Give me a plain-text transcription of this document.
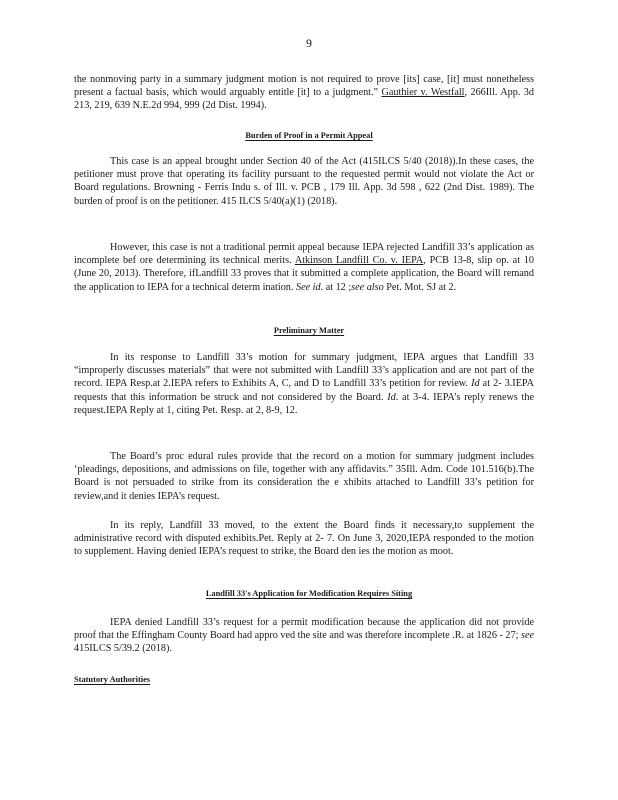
9

the nonmoving party in a summary judgment motion is not required to prove [its] case, [it] must nonetheless present a factual basis, which would arguably entitle [it] to a judgment.” Gauthier v. Westfall, 266Ill. App. 3d 213, 219, 639 N.E.2d 994, 999 (2d Dist. 1994).

Burden of Proof in a Permit Appeal

This case is an appeal brought under Section 40 of the Act (415ILCS 5/40 (2018)).In these cases, the petitioner must prove that operating its facility pursuant to the requested permit would not violate the Act or Board regulations. Browning - Ferris Indu s. of Ill. v. PCB , 179 Ill. App. 3d 598 , 622 (2nd Dist. 1989). The burden of proof is on the petitioner. 415 ILCS 5/40(a)(1) (2018).

However, this case is not a traditional permit appeal because IEPA rejected Landfill 33’s application as incomplete bef ore determining its technical merits. Atkinson Landfill Co. v. IEPA, PCB 13-8, slip op. at 10 (June 20, 2013). Therefore, ifLandfill 33 proves that it submitted a complete application, the Board will remand the application to IEPA for a technical determ ination. See id. at 12 ;see also Pet. Mot. SJ at 2.

Preliminary Matter

In its response to Landfill 33’s motion for summary judgment, IEPA argues that Landfill 33 “improperly discusses materials” that were not submitted with Landfill 33’s application and are not part of the record. IEPA Resp.at 2.IEPA refers to Exhibits A, C, and D to Landfill 33’s petition for review. Id at 2- 3.IEPA requests that this information be struck and not considered by the Board. Id. at 3-4. IEPA’s reply renews the request.IEPA Reply at 1, citing Pet. Resp. at 2, 8-9, 12.

The Board’s proc edural rules provide that the record on a motion for summary judgment includes ‘pleadings, depositions, and admissions on file, together with any affidavits.” 35Ill. Adm. Code 101.516(b).The Board is not persuaded to strike from its consideration the e xhibits attached to Landfill 33’s petition for review,and it denies IEPA’s request.

In its reply, Landfill 33 moved, to the extent the Board finds it necessary,to supplement the administrative record with disputed exhibits.Pet. Reply at 2- 7. On June 3, 2020,IEPA responded to the motion to supplement. Having denied IEPA’s request to strike, the Board den ies the motion as moot.

Landfill 33's Application for Modification Requires Siting

IEPA denied Landfill 33’s request for a permit modification because the application did not provide proof that the Effingham County Board had appro ved the site and was therefore incomplete .R. at 1826 - 27; see 415ILCS 5/39.2 (2018).

Statutory Authorities
